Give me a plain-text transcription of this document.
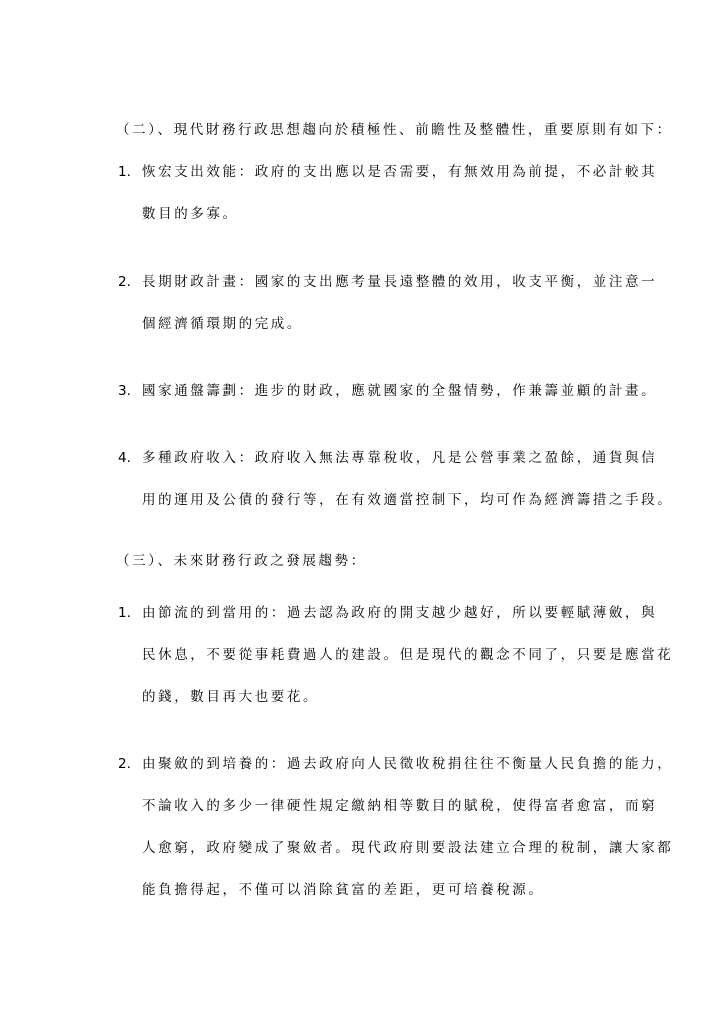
（二）、現代財務行政思想趨向於積極性、前瞻性及整體性，重要原則有如下：
1. 恢宏支出效能：政府的支出應以是否需要，有無效用為前提，不必計較其
數目的多寡。
2. 長期財政計畫：國家的支出應考量長遠整體的效用，收支平衡，並注意一
個經濟循環期的完成。
3. 國家通盤籌劃：進步的財政，應就國家的全盤情勢，作兼籌並顧的計畫。
4. 多種政府收入：政府收入無法專靠稅收，凡是公營事業之盈餘，通貨與信
用的運用及公債的發行等，在有效適當控制下，均可作為經濟籌措之手段。
（三）、未來財務行政之發展趨勢：
1. 由節流的到當用的：過去認為政府的開支越少越好，所以要輕賦薄斂，與
民休息，不要從事耗費過人的建設。但是現代的觀念不同了，只要是應當花
的錢，數目再大也要花。
2. 由聚斂的到培養的：過去政府向人民徵收稅捐往往不衡量人民負擔的能力，
不論收入的多少一律硬性規定繳納相等數目的賦稅，使得富者愈富，而窮
人愈窮，政府變成了聚斂者。現代政府則要設法建立合理的稅制，讓大家都
能負擔得起，不僅可以消除貧富的差距，更可培養稅源。
